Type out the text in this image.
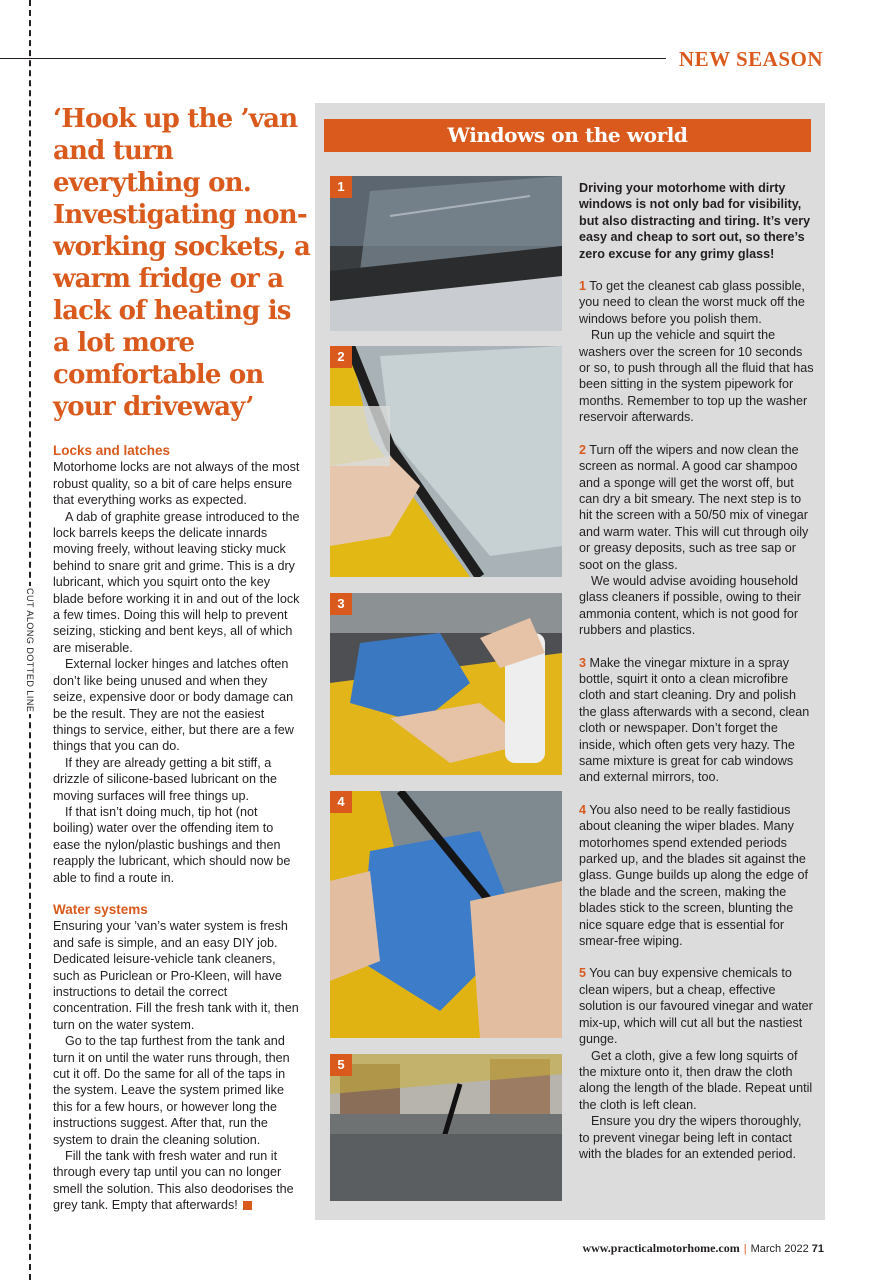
CUT ALONG DOTTED LINE
NEW SEASON
‘Hook up the ’van and turn everything on. Investigating non-working sockets, a warm fridge or a lack of heating is a lot more comfortable on your driveway’

Locks and latches

Motorhome locks are not always of the most robust quality, so a bit of care helps ensure that everything works as expected.

A dab of graphite grease introduced to the lock barrels keeps the delicate innards moving freely, without leaving sticky muck behind to snare grit and grime. This is a dry lubricant, which you squirt onto the key blade before working it in and out of the lock a few times. Doing this will help to prevent seizing, sticking and bent keys, all of which are miserable.

External locker hinges and latches often don’t like being unused and when they seize, expensive door or body damage can be the result. They are not the easiest things to service, either, but there are a few things that you can do.

If they are already getting a bit stiff, a drizzle of silicone-based lubricant on the moving surfaces will free things up.

If that isn’t doing much, tip hot (not boiling) water over the offending item to ease the nylon/plastic bushings and then reapply the lubricant, which should now be able to find a route in.

Water systems

Ensuring your ’van’s water system is fresh and safe is simple, and an easy DIY job. Dedicated leisure-vehicle tank cleaners, such as Puriclean or Pro-Kleen, will have instructions to detail the correct concentration. Fill the fresh tank with it, then turn on the water system.

Go to the tap furthest from the tank and turn it on until the water runs through, then cut it off. Do the same for all of the taps in the system. Leave the system primed like this for a few hours, or however long the instructions suggest. After that, run the system to drain the cleaning solution.

Fill the tank with fresh water and run it through every tap until you can no longer smell the solution. This also deodorises the grey tank. Empty that afterwards!

Windows on the world
1
2
3
4
5

Driving your motorhome with dirty windows is not only bad for visibility, but also distracting and tiring. It’s very easy and cheap to sort out, so there’s zero excuse for any grimy glass!

1 To get the cleanest cab glass possible, you need to clean the worst muck off the windows before you polish them.

Run up the vehicle and squirt the washers over the screen for 10 seconds or so, to push through all the fluid that has been sitting in the system pipework for months. Remember to top up the washer reservoir afterwards.

2 Turn off the wipers and now clean the screen as normal. A good car shampoo and a sponge will get the worst off, but can dry a bit smeary. The next step is to hit the screen with a 50/50 mix of vinegar and warm water. This will cut through oily or greasy deposits, such as tree sap or soot on the glass.

We would advise avoiding household glass cleaners if possible, owing to their ammonia content, which is not good for rubbers and plastics.

3 Make the vinegar mixture in a spray bottle, squirt it onto a clean microfibre cloth and start cleaning. Dry and polish the glass afterwards with a second, clean cloth or newspaper. Don’t forget the inside, which often gets very hazy. The same mixture is great for cab windows and external mirrors, too.

4 You also need to be really fastidious about cleaning the wiper blades. Many motorhomes spend extended periods parked up, and the blades sit against the glass. Gunge builds up along the edge of the blade and the screen, making the blades stick to the screen, blunting the nice square edge that is essential for smear-free wiping.

5 You can buy expensive chemicals to clean wipers, but a cheap, effective solution is our favoured vinegar and water mix-up, which will cut all but the nastiest gunge.

Get a cloth, give a few long squirts of the mixture onto it, then draw the cloth along the length of the blade. Repeat until the cloth is left clean.

Ensure you dry the wipers thoroughly, to prevent vinegar being left in contact with the blades for an extended period.

www.practicalmotorhome.com | March 2022 71
